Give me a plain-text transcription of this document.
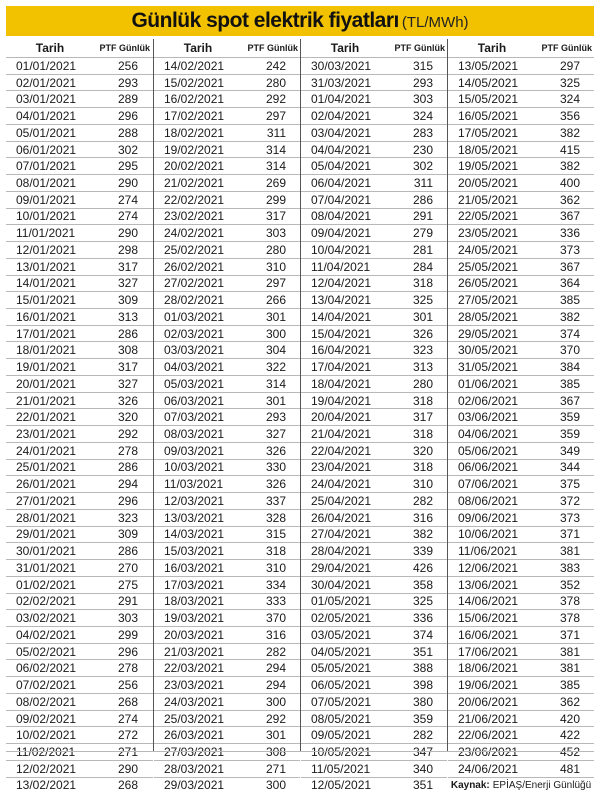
Günlük spot elektrik fiyatları (TL/MWh)
Tarih	PTF Günlük
01/01/2021	256
02/01/2021	293
03/01/2021	289
04/01/2021	296
05/01/2021	288
06/01/2021	302
07/01/2021	295
08/01/2021	290
09/01/2021	274
10/01/2021	274
11/01/2021	290
12/01/2021	298
13/01/2021	317
14/01/2021	327
15/01/2021	309
16/01/2021	313
17/01/2021	286
18/01/2021	308
19/01/2021	317
20/01/2021	327
21/01/2021	326
22/01/2021	320
23/01/2021	292
24/01/2021	278
25/01/2021	286
26/01/2021	294
27/01/2021	296
28/01/2021	323
29/01/2021	309
30/01/2021	286
31/01/2021	270
01/02/2021	275
02/02/2021	291
03/02/2021	303
04/02/2021	299
05/02/2021	296
06/02/2021	278
07/02/2021	256
08/02/2021	268
09/02/2021	274
10/02/2021	272
11/02/2021	271
12/02/2021	290
13/02/2021	268
Tarih	PTF Günlük
14/02/2021	242
15/02/2021	280
16/02/2021	292
17/02/2021	297
18/02/2021	311
19/02/2021	314
20/02/2021	314
21/02/2021	269
22/02/2021	299
23/02/2021	317
24/02/2021	303
25/02/2021	280
26/02/2021	310
27/02/2021	297
28/02/2021	266
01/03/2021	301
02/03/2021	300
03/03/2021	304
04/03/2021	322
05/03/2021	314
06/03/2021	301
07/03/2021	293
08/03/2021	327
09/03/2021	326
10/03/2021	330
11/03/2021	326
12/03/2021	337
13/03/2021	328
14/03/2021	315
15/03/2021	318
16/03/2021	310
17/03/2021	334
18/03/2021	333
19/03/2021	370
20/03/2021	316
21/03/2021	282
22/03/2021	294
23/03/2021	294
24/03/2021	300
25/03/2021	292
26/03/2021	301
27/03/2021	308
28/03/2021	271
29/03/2021	300
Tarih	PTF Günlük
30/03/2021	315
31/03/2021	293
01/04/2021	303
02/04/2021	324
03/04/2021	283
04/04/2021	230
05/04/2021	302
06/04/2021	311
07/04/2021	286
08/04/2021	291
09/04/2021	279
10/04/2021	281
11/04/2021	284
12/04/2021	318
13/04/2021	325
14/04/2021	301
15/04/2021	326
16/04/2021	323
17/04/2021	313
18/04/2021	280
19/04/2021	318
20/04/2021	317
21/04/2021	318
22/04/2021	320
23/04/2021	318
24/04/2021	310
25/04/2021	282
26/04/2021	316
27/04/2021	382
28/04/2021	339
29/04/2021	426
30/04/2021	358
01/05/2021	325
02/05/2021	336
03/05/2021	374
04/05/2021	351
05/05/2021	388
06/05/2021	398
07/05/2021	380
08/05/2021	359
09/05/2021	282
10/05/2021	347
11/05/2021	340
12/05/2021	351
Tarih	PTF Günlük
13/05/2021	297
14/05/2021	325
15/05/2021	324
16/05/2021	356
17/05/2021	382
18/05/2021	415
19/05/2021	382
20/05/2021	400
21/05/2021	362
22/05/2021	367
23/05/2021	336
24/05/2021	373
25/05/2021	367
26/05/2021	364
27/05/2021	385
28/05/2021	382
29/05/2021	374
30/05/2021	370
31/05/2021	384
01/06/2021	385
02/06/2021	367
03/06/2021	359
04/06/2021	359
05/06/2021	349
06/06/2021	344
07/06/2021	375
08/06/2021	372
09/06/2021	373
10/06/2021	371
11/06/2021	381
12/06/2021	383
13/06/2021	352
14/06/2021	378
15/06/2021	378
16/06/2021	371
17/06/2021	381
18/06/2021	381
19/06/2021	385
20/06/2021	362
21/06/2021	420
22/06/2021	422
23/06/2021	452
24/06/2021	481
Kaynak: EPİAŞ/Enerji Günlüğü
